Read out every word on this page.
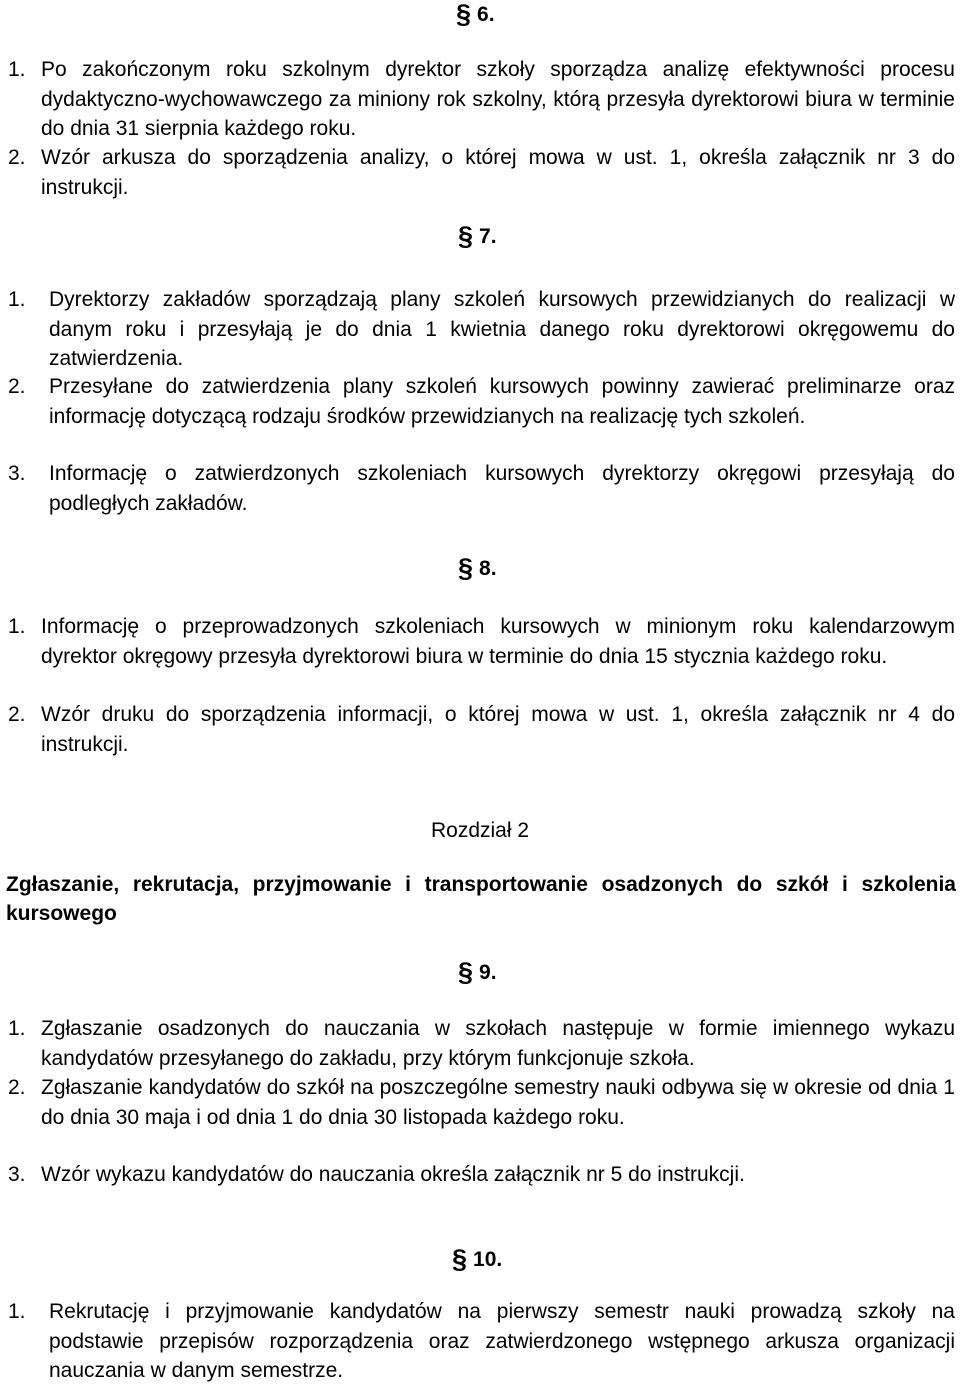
§ 6.
1. Po zakończonym roku szkolnym dyrektor szkoły sporządza analizę efektywności procesu dydaktyczno-wychowawczego za miniony rok szkolny, którą przesyła dyrektorowi biura w terminie do dnia 31 sierpnia każdego roku.
2. Wzór arkusza do sporządzenia analizy, o której mowa w ust. 1, określa załącznik nr 3 do instrukcji.
§ 7.
1. Dyrektorzy zakładów sporządzają plany szkoleń kursowych przewidzianych do realizacji w danym roku i przesyłają je do dnia 1 kwietnia danego roku dyrektorowi okręgowemu do zatwierdzenia.
2. Przesyłane do zatwierdzenia plany szkoleń kursowych powinny zawierać preliminarze oraz informację dotyczącą rodzaju środków przewidzianych na realizację tych szkoleń.
3. Informację o zatwierdzonych szkoleniach kursowych dyrektorzy okręgowi przesyłają do podległych zakładów.
§ 8.
1. Informację o przeprowadzonych szkoleniach kursowych w minionym roku kalendarzowym dyrektor okręgowy przesyła dyrektorowi biura w terminie do dnia 15 stycznia każdego roku.
2. Wzór druku do sporządzenia informacji, o której mowa w ust. 1, określa załącznik nr 4 do instrukcji.
Rozdział 2
Zgłaszanie, rekrutacja, przyjmowanie i transportowanie osadzonych do szkół i szkolenia kursowego
§ 9.
1. Zgłaszanie osadzonych do nauczania w szkołach następuje w formie imiennego wykazu kandydatów przesyłanego do zakładu, przy którym funkcjonuje szkoła.
2. Zgłaszanie kandydatów do szkół na poszczególne semestry nauki odbywa się w okresie od dnia 1 do dnia 30 maja i od dnia 1 do dnia 30 listopada każdego roku.
3. Wzór wykazu kandydatów do nauczania określa załącznik nr 5 do instrukcji.
§ 10.
1. Rekrutację i przyjmowanie kandydatów na pierwszy semestr nauki prowadzą szkoły na podstawie przepisów rozporządzenia oraz zatwierdzonego wstępnego arkusza organizacji nauczania w danym semestrze.
